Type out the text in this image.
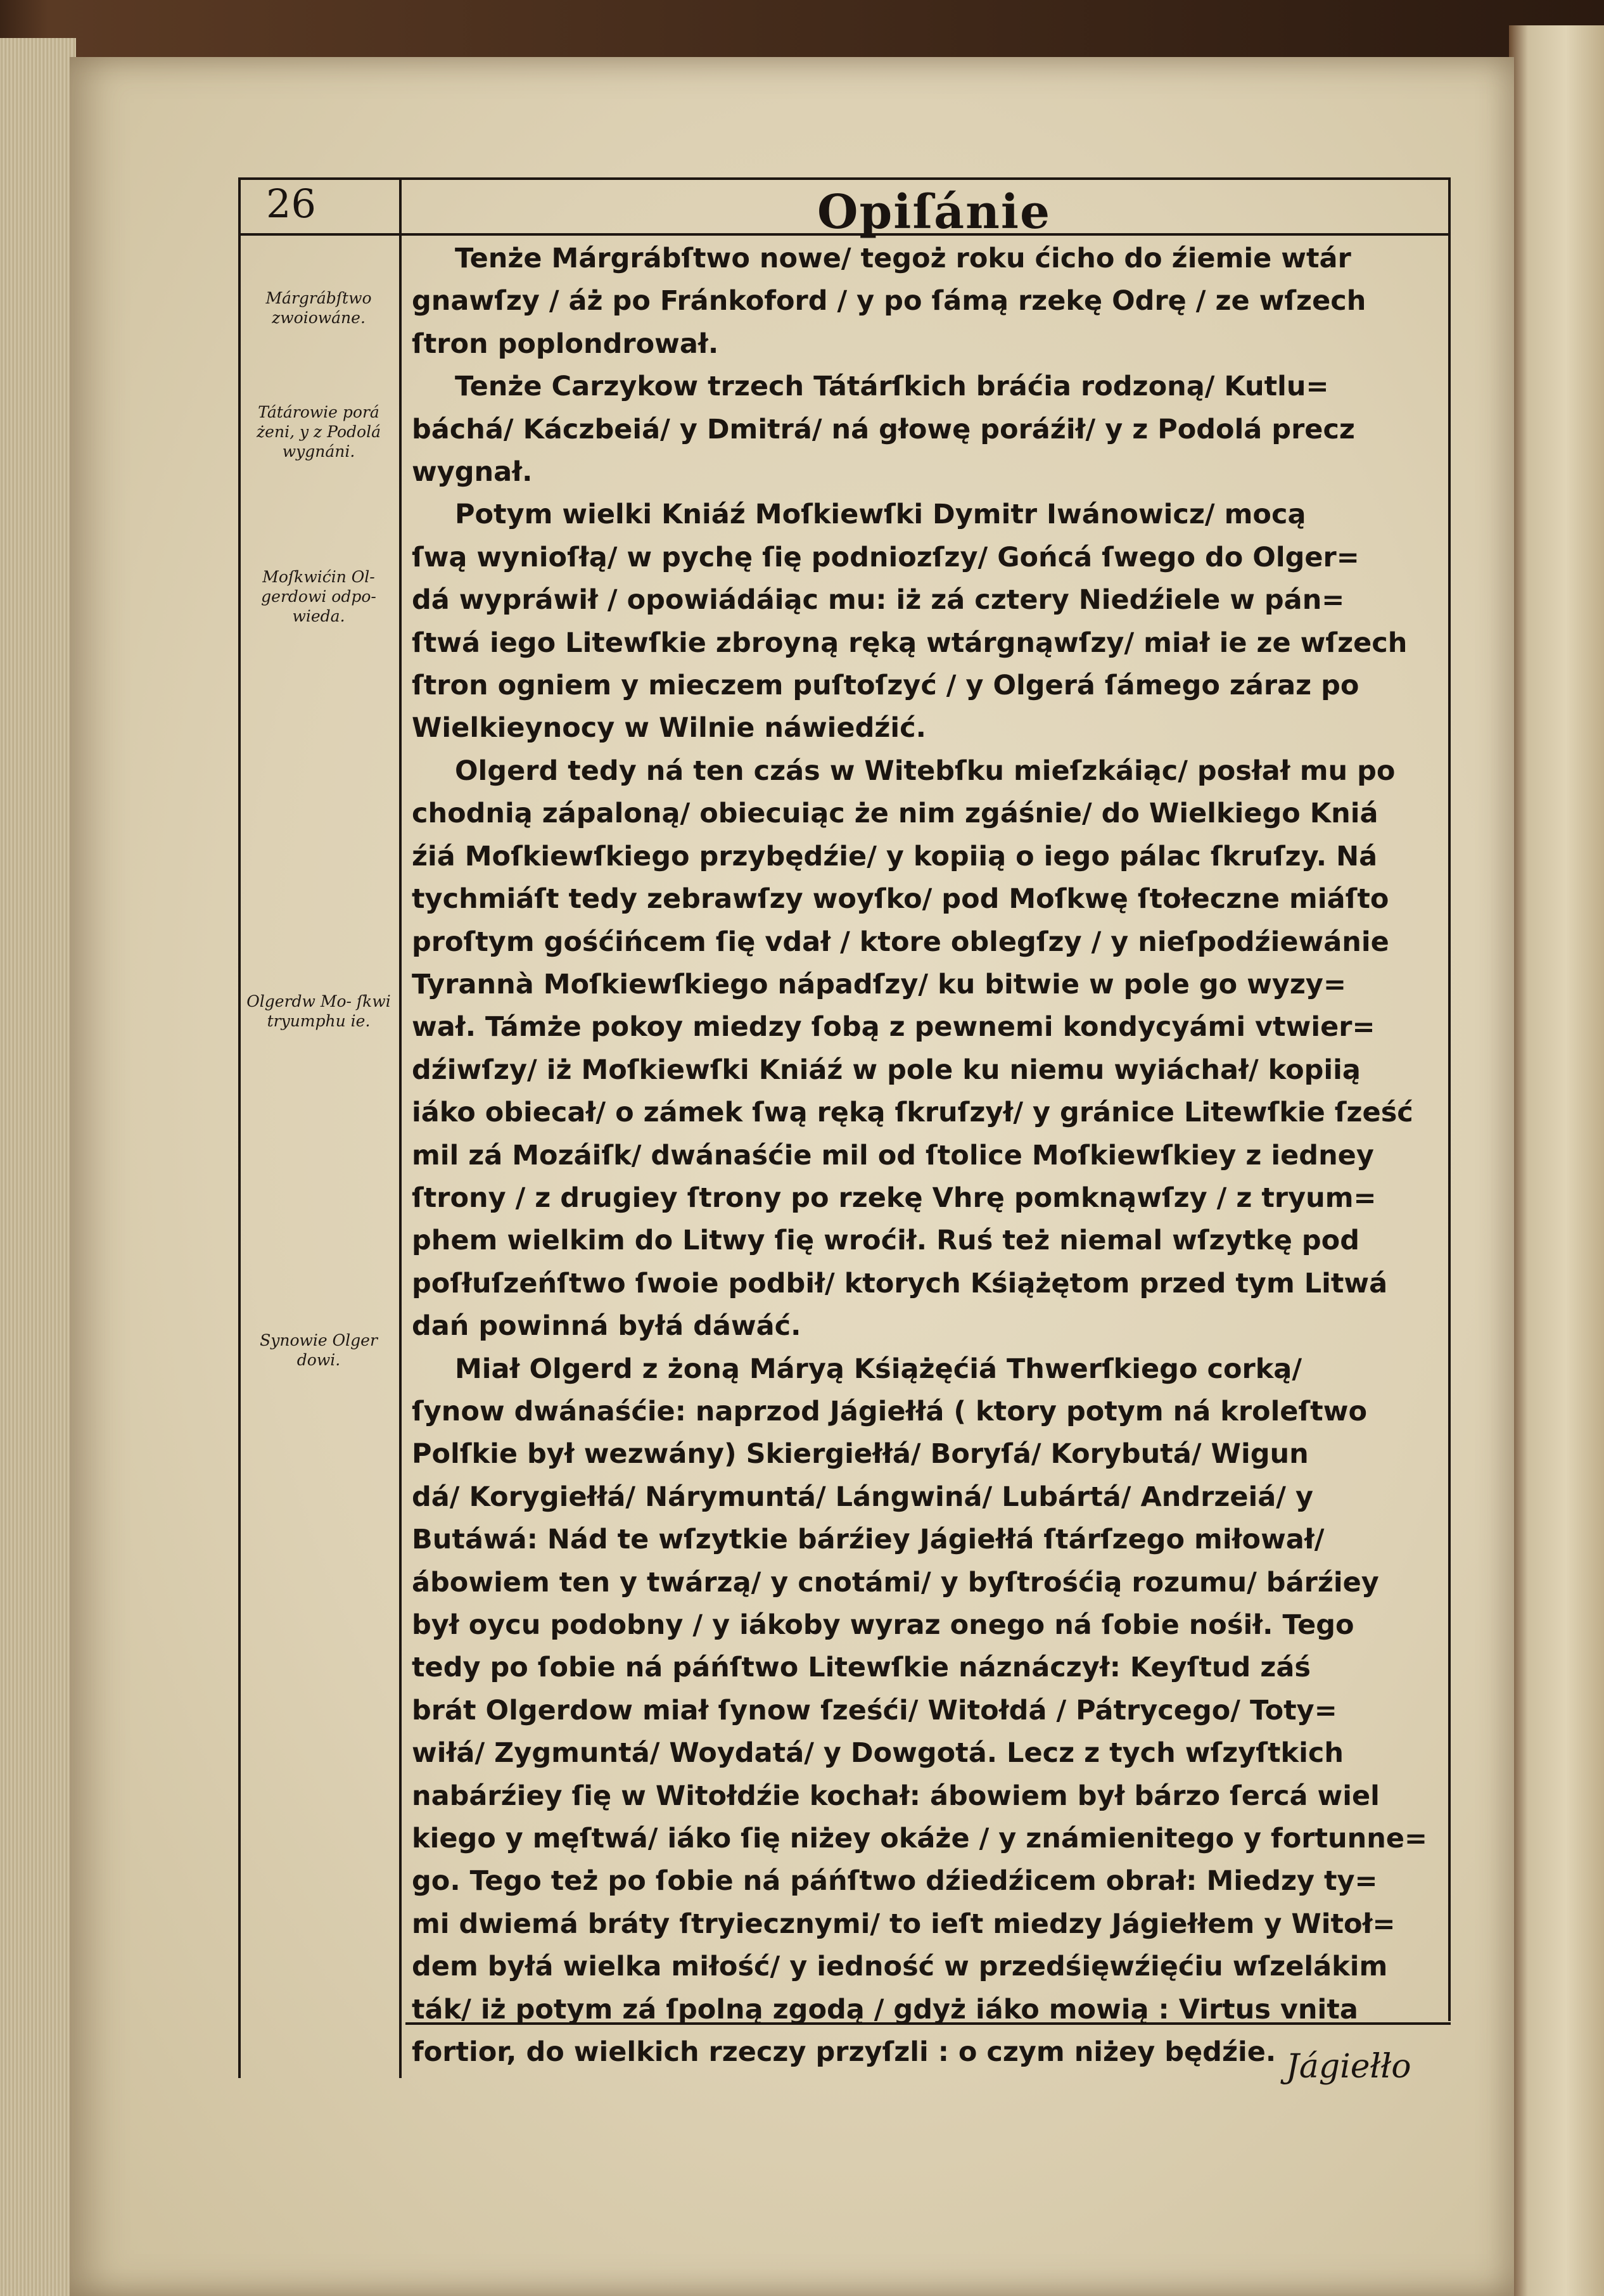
26	Opiſánie
Márgrábſtwo zwoiowáne.
Tátárowie porá żeni, y z Podolá wygnáni.
Moſkwićin Ol- gerdowi odpo- wieda.
Olgerdw Mo- ſkwi tryumphu ie.
Synowie Olger dowi.
Tenże Márgrábſtwo nowe/ tegoż roku ćicho do źiemie wtár
gnawſzy / áż po Fránkoford / y po ſámą rzekę Odrę / ze wſzech
ſtron poplondrował.
Tenże Carzykow trzech Tátárſkich bráćia rodzoną/ Kutlu=
báchá/ Káczbeiá/ y Dmitrá/ ná głowę poráźił/ y z Podolá precz
wygnał.
Potym wielki Kniáź Moſkiewſki Dymitr Iwánowicz/ mocą
ſwą wynioſłą/ w pychę ſię podniozſzy/ Gońcá ſwego do Olger=
dá wypráwił / opowiádáiąc mu: iż zá cztery Niedźiele w pán=
ſtwá iego Litewſkie zbroyną ręką wtárgnąwſzy/ miał ie ze wſzech
ſtron ogniem y mieczem puſtoſzyć / y Olgerá ſámego záraz po
Wielkieynocy w Wilnie náwiedźić.
Olgerd tedy ná ten czás w Witebſku mieſzkáiąc/ posłał mu po
chodnią zápaloną/ obiecuiąc że nim zgáśnie/ do Wielkiego Kniá
źiá Moſkiewſkiego przybędźie/ y kopiią o iego pálac ſkruſzy. Ná
tychmiáſt tedy zebrawſzy woyſko/ pod Moſkwę ſtołeczne miáſto
proſtym gośćińcem ſię vdał / ktore oblegſzy / y nieſpodźiewánie
Tyrannà Moſkiewſkiego nápadſzy/ ku bitwie w pole go wyzy=
wał. Támże pokoy miedzy ſobą z pewnemi kondycyámi vtwier=
dźiwſzy/ iż Moſkiewſki Kniáź w pole ku niemu wyiáchał/ kopiią
iáko obiecał/ o zámek ſwą ręką ſkruſzył/ y gránice Litewſkie ſześć
mil zá Mozáiſk/ dwánaśćie mil od ſtolice Moſkiewſkiey z iedney
ſtrony / z drugiey ſtrony po rzekę Vhrę pomknąwſzy / z tryum=
phem wielkim do Litwy ſię wroćił. Ruś też niemal wſzytkę pod
poſłuſzeńſtwo ſwoie podbił/ ktorych Kśiążętom przed tym Litwá
dań powinná byłá dáwáć.
Miał Olgerd z żoną Máryą Kśiążęćiá Thwerſkiego corką/
ſynow dwánaśćie: naprzod Jágiełłá ( ktory potym ná kroleſtwo
Polſkie był wezwány) Skiergiełłá/ Boryſá/ Korybutá/ Wigun
dá/ Korygiełłá/ Nárymuntá/ Lángwiná/ Lubártá/ Andrzeiá/ y
Butáwá: Nád te wſzytkie bárźiey Jágiełłá ſtárſzego miłował/
ábowiem ten y twárzą/ y cnotámi/ y byſtrośćią rozumu/ bárźiey
był oycu podobny / y iákoby wyraz onego ná ſobie nośił. Tego
tedy po ſobie ná páńſtwo Litewſkie náznáczył: Keyſtud záś
brát Olgerdow miał ſynow ſześći/ Witołdá / Pátrycego/ Toty=
wiłá/ Zygmuntá/ Woydatá/ y Dowgotá. Lecz z tych wſzyſtkich
nabárźiey ſię w Witołdźie kochał: ábowiem był bárzo ſercá wiel
kiego y męſtwá/ iáko ſię niżey okáże / y známienitego y fortunne=
go. Tego też po ſobie ná páńſtwo dźiedźicem obrał: Miedzy ty=
mi dwiemá bráty ſtryiecznymi/ to ieſt miedzy Jágiełłem y Witoł=
dem byłá wielka miłość/ y iedność w przedśięwźięćiu wſzelákim
ták/ iż potym zá ſpolną zgodą / gdyż iáko mowią : Virtus vnita
fortior, do wielkich rzeczy przyſzli : o czym niżey będźie. Jágiełło
